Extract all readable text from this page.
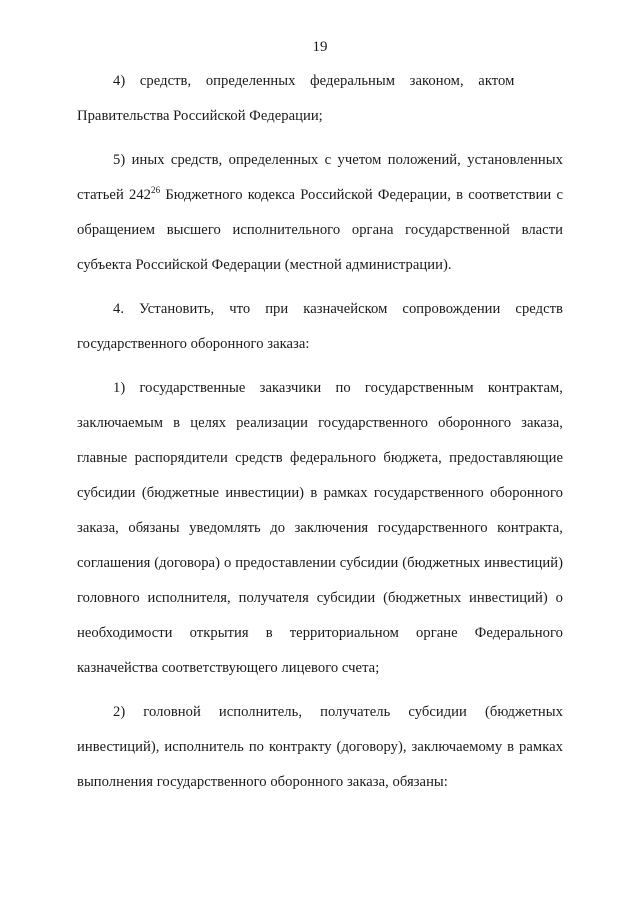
19

4) средств, определенных федеральным законом, актом Правительства Российской Федерации;

5) иных средств, определенных с учетом положений, установленных статьей $242^{26}$ Бюджетного кодекса Российской Федерации, в соответствии с обращением высшего исполнительного органа государственной власти субъекта Российской Федерации (местной администрации).

4. Установить, что при казначейском сопровождении средств государственного оборонного заказа:

1) государственные заказчики по государственным контрактам, заключаемым в целях реализации государственного оборонного заказа, главные распорядители средств федерального бюджета, предоставляющие субсидии (бюджетные инвестиции) в рамках государственного оборонного заказа, обязаны уведомлять до заключения государственного контракта, соглашения (договора) о предоставлении субсидии (бюджетных инвестиций) головного исполнителя, получателя субсидии (бюджетных инвестиций) о необходимости открытия в территориальном органе Федерального казначейства соответствующего лицевого счета;

2) головной исполнитель, получатель субсидии (бюджетных инвестиций), исполнитель по контракту (договору), заключаемому в рамках выполнения государственного оборонного заказа, обязаны:
